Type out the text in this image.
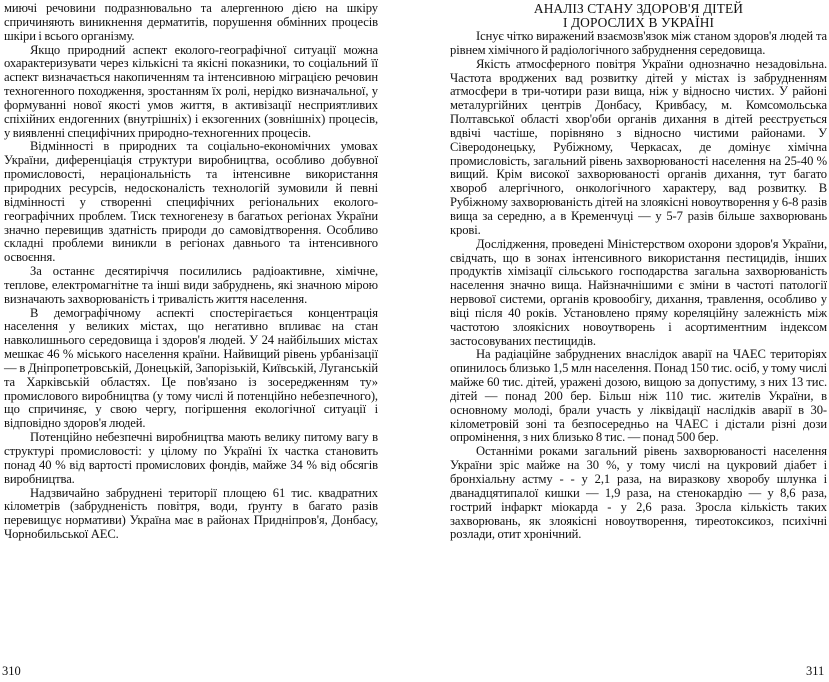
миючі речовини подразнювально та алергенною дією на шкіру спричиняють виникнення дерматитів, порушення обмінних процесів шкіри і всього організму.

Якщо природний аспект еколого-географічної ситуації можна охарактеризувати через кількісні та якісні показники, то соціальний її аспект визначається накопиченням та інтенсивною міграцією речовин техногенного походження, зростанням їх ролі, нерідко визначальної, у формуванні нової якості умов життя, в активізації несприятливих спіхійних ендогенних (внутрішніх) і екзогенних (зовнішніх) процесів, у виявленні специфічних природно-техногенних процесів.

Відмінності в природних та соціально-економічних умовах України, диференціація структури виробництва, особливо добувної промисловості, нераціональність та інтенсивне використання природних ресурсів, недосконалість технологій зумовили й певні відмінності у створенні специфічних регіональних еколого-географічних проблем. Тиск техногенезу в багатьох регіонах України значно перевищив здатність природи до самовідтворення. Особливо складні проблеми виникли в регіонах давнього та інтенсивного освоєння.

За останнє десятиріччя посилились радіоактивне, хімічне, теплове, електромагнітне та інші види забруднень, які значною мірою визначають захворюваність і тривалість життя населення.

В демографічному аспекті спостерігається концентрація населення у великих містах, що негативно впливає на стан навколишнього середовища і здоров'я людей. У 24 найбільших містах мешкає 46 % міського населення країни. Найвищий рівень урбанізації — в Дніпропетровській, Донецькій, Запорізькій, Київській, Луганській та Харківській областях. Це пов'язано із зосередженням ту» промислового виробництва (у тому числі й потенційно небезпечного), що спричиняє, у свою чергу, погіршення екологічної ситуації і відповідно здоров'я людей.

Потенційно небезпечні виробництва мають велику питому вагу в структурі промисловості: у цілому по Україні їх частка становить понад 40 % від вартості промислових фондів, майже 34 % від обсягів виробництва.

Надзвичайно забруднені території площею 61 тис. квадратних кілометрів (забрудненість повітря, води, ґрунту в багато разів перевищує нормативи) Україна має в районах Придніпров'я, Донбасу, Чорнобильської АЕС.

310
АНАЛІЗ СТАНУ ЗДОРОВ'Я ДІТЕЙ
І ДОРОСЛИХ В УКРАЇНІ

Існує чітко виражений взаємозв'язок між станом здоров'я людей та рівнем хімічного й радіологічного забруднення середовища.

Якість атмосферного повітря України однозначно незадовільна. Частота вроджених вад розвитку дітей у містах із забрудненням атмосфери в три-чотири рази вища, ніж у відносно чистих. У районі металургійних центрів Донбасу, Кривбасу, м. Комсомольська Полтавської області хвор'оби органів дихання в дітей реєструється вдвічі частіше, порівняно з відносно чистими районами. У Сіверодонецьку, Рубіжному, Черкасах, де домінує хімічна промисловість, загальний рівень захворюваності населення на 25-40 % вищий. Крім високої захворюваності органів дихання, тут багато хвороб алергічного, онкологічного характеру, вад розвитку. В Рубіжному захворюваність дітей на злоякісні новоутворення у 6-8 разів вища за середню, а в Кременчуці — у 5-7 разів більше захворювань крові.

Дослідження, проведені Міністерством охорони здоров'я України, свідчать, що в зонах інтенсивного використання пестицидів, інших продуктів хімізації сільського господарства загальна захворюваність населення значно вища. Найзначнішими є зміни в частоті патології нервової системи, органів кровообігу, дихання, травлення, особливо у віці після 40 років. Установлено пряму кореляційну залежність між частотою злоякісних новоутворень і асортиментним індексом застосовуваних пестицидів.

На радіаційне забруднених внаслідок аварії на ЧАЕС територіях опинилось близько 1,5 млн населення. Понад 150 тис. осіб, у тому числі майже 60 тис. дітей, уражені дозою, вищою за допустиму, з них 13 тис. дітей — понад 200 бер. Більш ніж 110 тис. жителів України, в основному молоді, брали участь у ліквідації наслідків аварії в 30-кілометровій зоні та безпосередньо на ЧАЕС і дістали різні дози опромінення, з них близько 8 тис. — понад 500 бер.

Останніми роками загальний рівень захворюваності населення України зріс майже на 30 %, у тому числі на цукровий діабет і бронхіальну астму - - у 2,1 раза, на виразкову хворобу шлунка і дванадцятипалої кишки — 1,9 раза, на стенокардію — у 8,6 раза, гострий інфаркт міокарда - у 2,6 раза. Зросла кількість таких захворювань, як злоякісні новоутворення, тиреотоксикоз, психічні розлади, отит хронічний.

311
